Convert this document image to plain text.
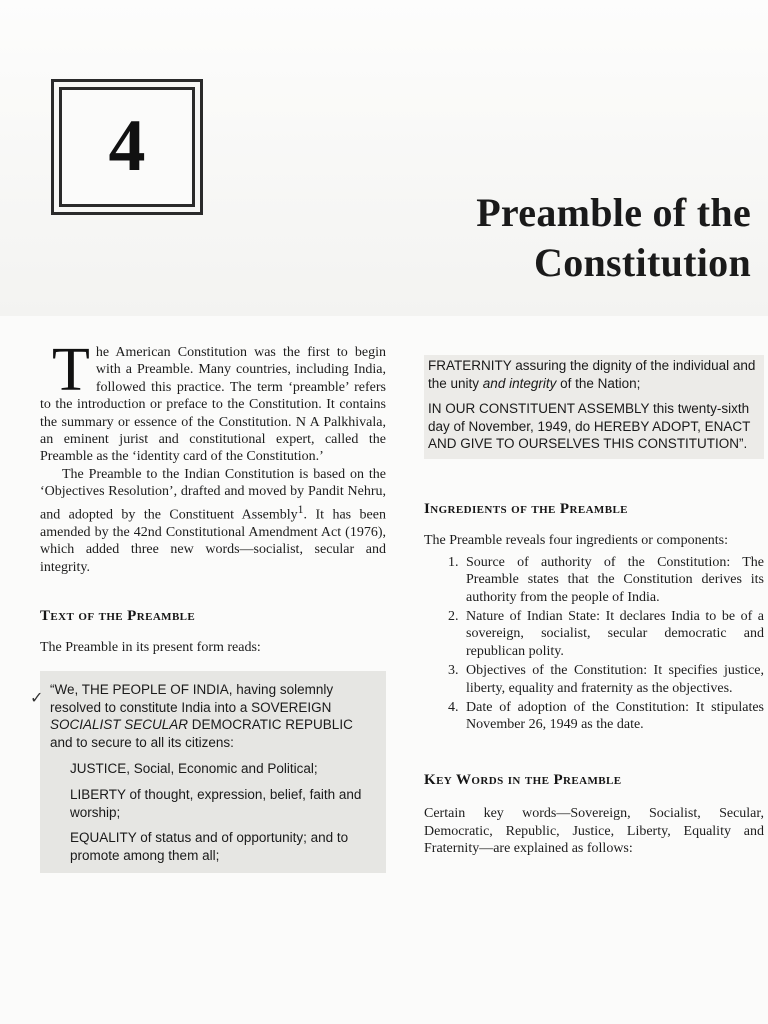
4
Preamble of the
Constitution

The American Constitution was the first to begin with a Preamble. Many countries, including India, followed this practice. The term ‘preamble’ refers to the introduction or preface to the Constitution. It contains the summary or essence of the Constitution. N A Palkhivala, an eminent jurist and constitutional expert, called the Preamble as the ‘identity card of the Constitution.’

The Preamble to the Indian Constitution is based on the ‘Objectives Resolution’, drafted and moved by Pandit Nehru, and adopted by the Constituent Assembly$^1$. It has been amended by the 42nd Constitutional Amendment Act (1976), which added three new words—socialist, secular and integrity.

Text of the Preamble

The Preamble in its present form reads:

“We, THE PEOPLE OF INDIA, having solemnly resolved to constitute India into a SOVEREIGN SOCIALIST SECULAR DEMOCRATIC REPUBLIC and to secure to all its citizens:
JUSTICE, Social, Economic and Political;
LIBERTY of thought, expression, belief, faith and worship;
EQUALITY of status and of opportunity; and to promote among them all;
FRATERNITY assuring the dignity of the individual and the unity and integrity of the Nation;
IN OUR CONSTITUENT ASSEMBLY this twenty-sixth day of November, 1949, do HEREBY ADOPT, ENACT AND GIVE TO OURSELVES THIS CONSTITUTION”.
Ingredients of the Preamble

The Preamble reveals four ingredients or components:

1. Source of authority of the Constitution: The Preamble states that the Constitution derives its authority from the people of India.
2. Nature of Indian State: It declares India to be of a sovereign, socialist, secular democratic and republican polity.
3. Objectives of the Constitution: It specifies justice, liberty, equality and fraternity as the objectives.
4. Date of adoption of the Constitution: It stipulates November 26, 1949 as the date.
Key Words in the Preamble

Certain key words—Sovereign, Socialist, Secular, Democratic, Republic, Justice, Liberty, Equality and Fraternity—are explained as follows:

✓
